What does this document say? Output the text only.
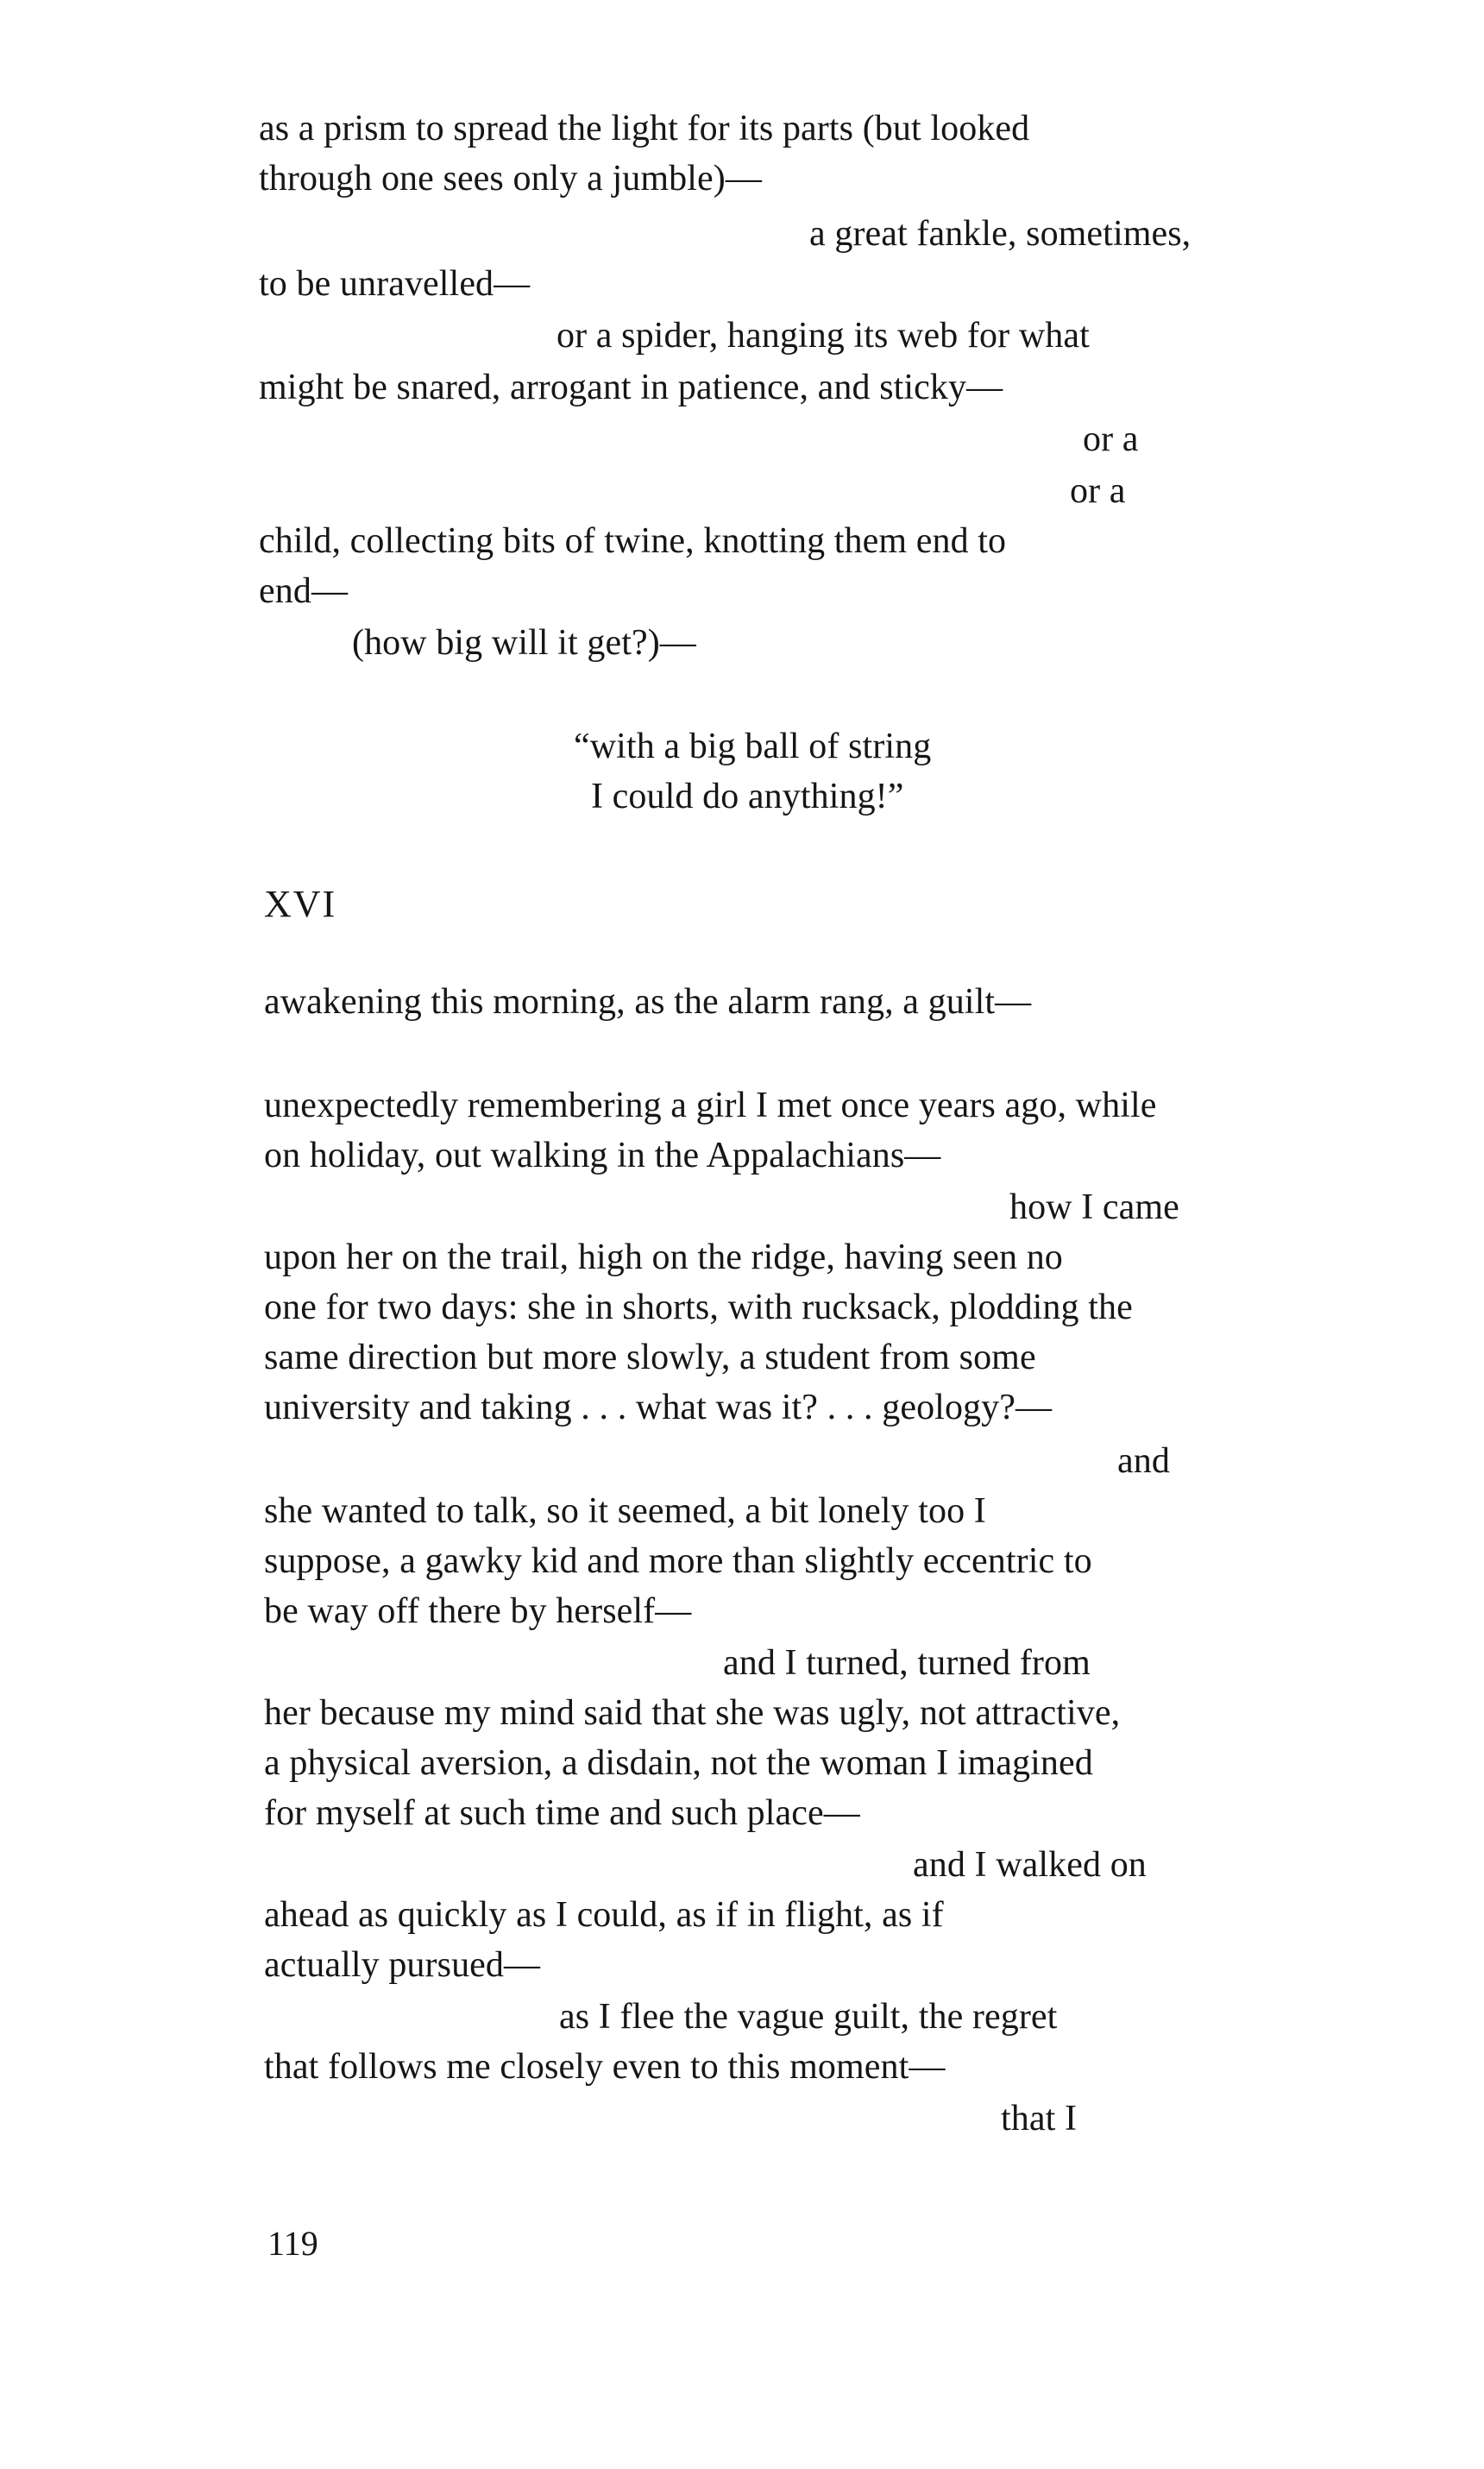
as a prism to spread the light for its parts (but looked
through one sees only a jumble)—
a great fankle, sometimes,
to be unravelled—
or a spider, hanging its web for what
might be snared, arrogant in patience, and sticky—
or a
or a
child, collecting bits of twine, knotting them end to
end—
(how big will it get?)—
“with a big ball of string
I could do anything!”
XVI
awakening this morning, as the alarm rang, a guilt—
unexpectedly remembering a girl I met once years ago, while
on holiday, out walking in the Appalachians—
how I came
upon her on the trail, high on the ridge, having seen no
one for two days: she in shorts, with rucksack, plodding the
same direction but more slowly, a student from some
university and taking . . . what was it? . . . geology?—
and
she wanted to talk, so it seemed, a bit lonely too I
suppose, a gawky kid and more than slightly eccentric to
be way off there by herself—
and I turned, turned from
her because my mind said that she was ugly, not attractive,
a physical aversion, a disdain, not the woman I imagined
for myself at such time and such place—
and I walked on
ahead as quickly as I could, as if in flight, as if
actually pursued—
as I flee the vague guilt, the regret
that follows me closely even to this moment—
that I
119
